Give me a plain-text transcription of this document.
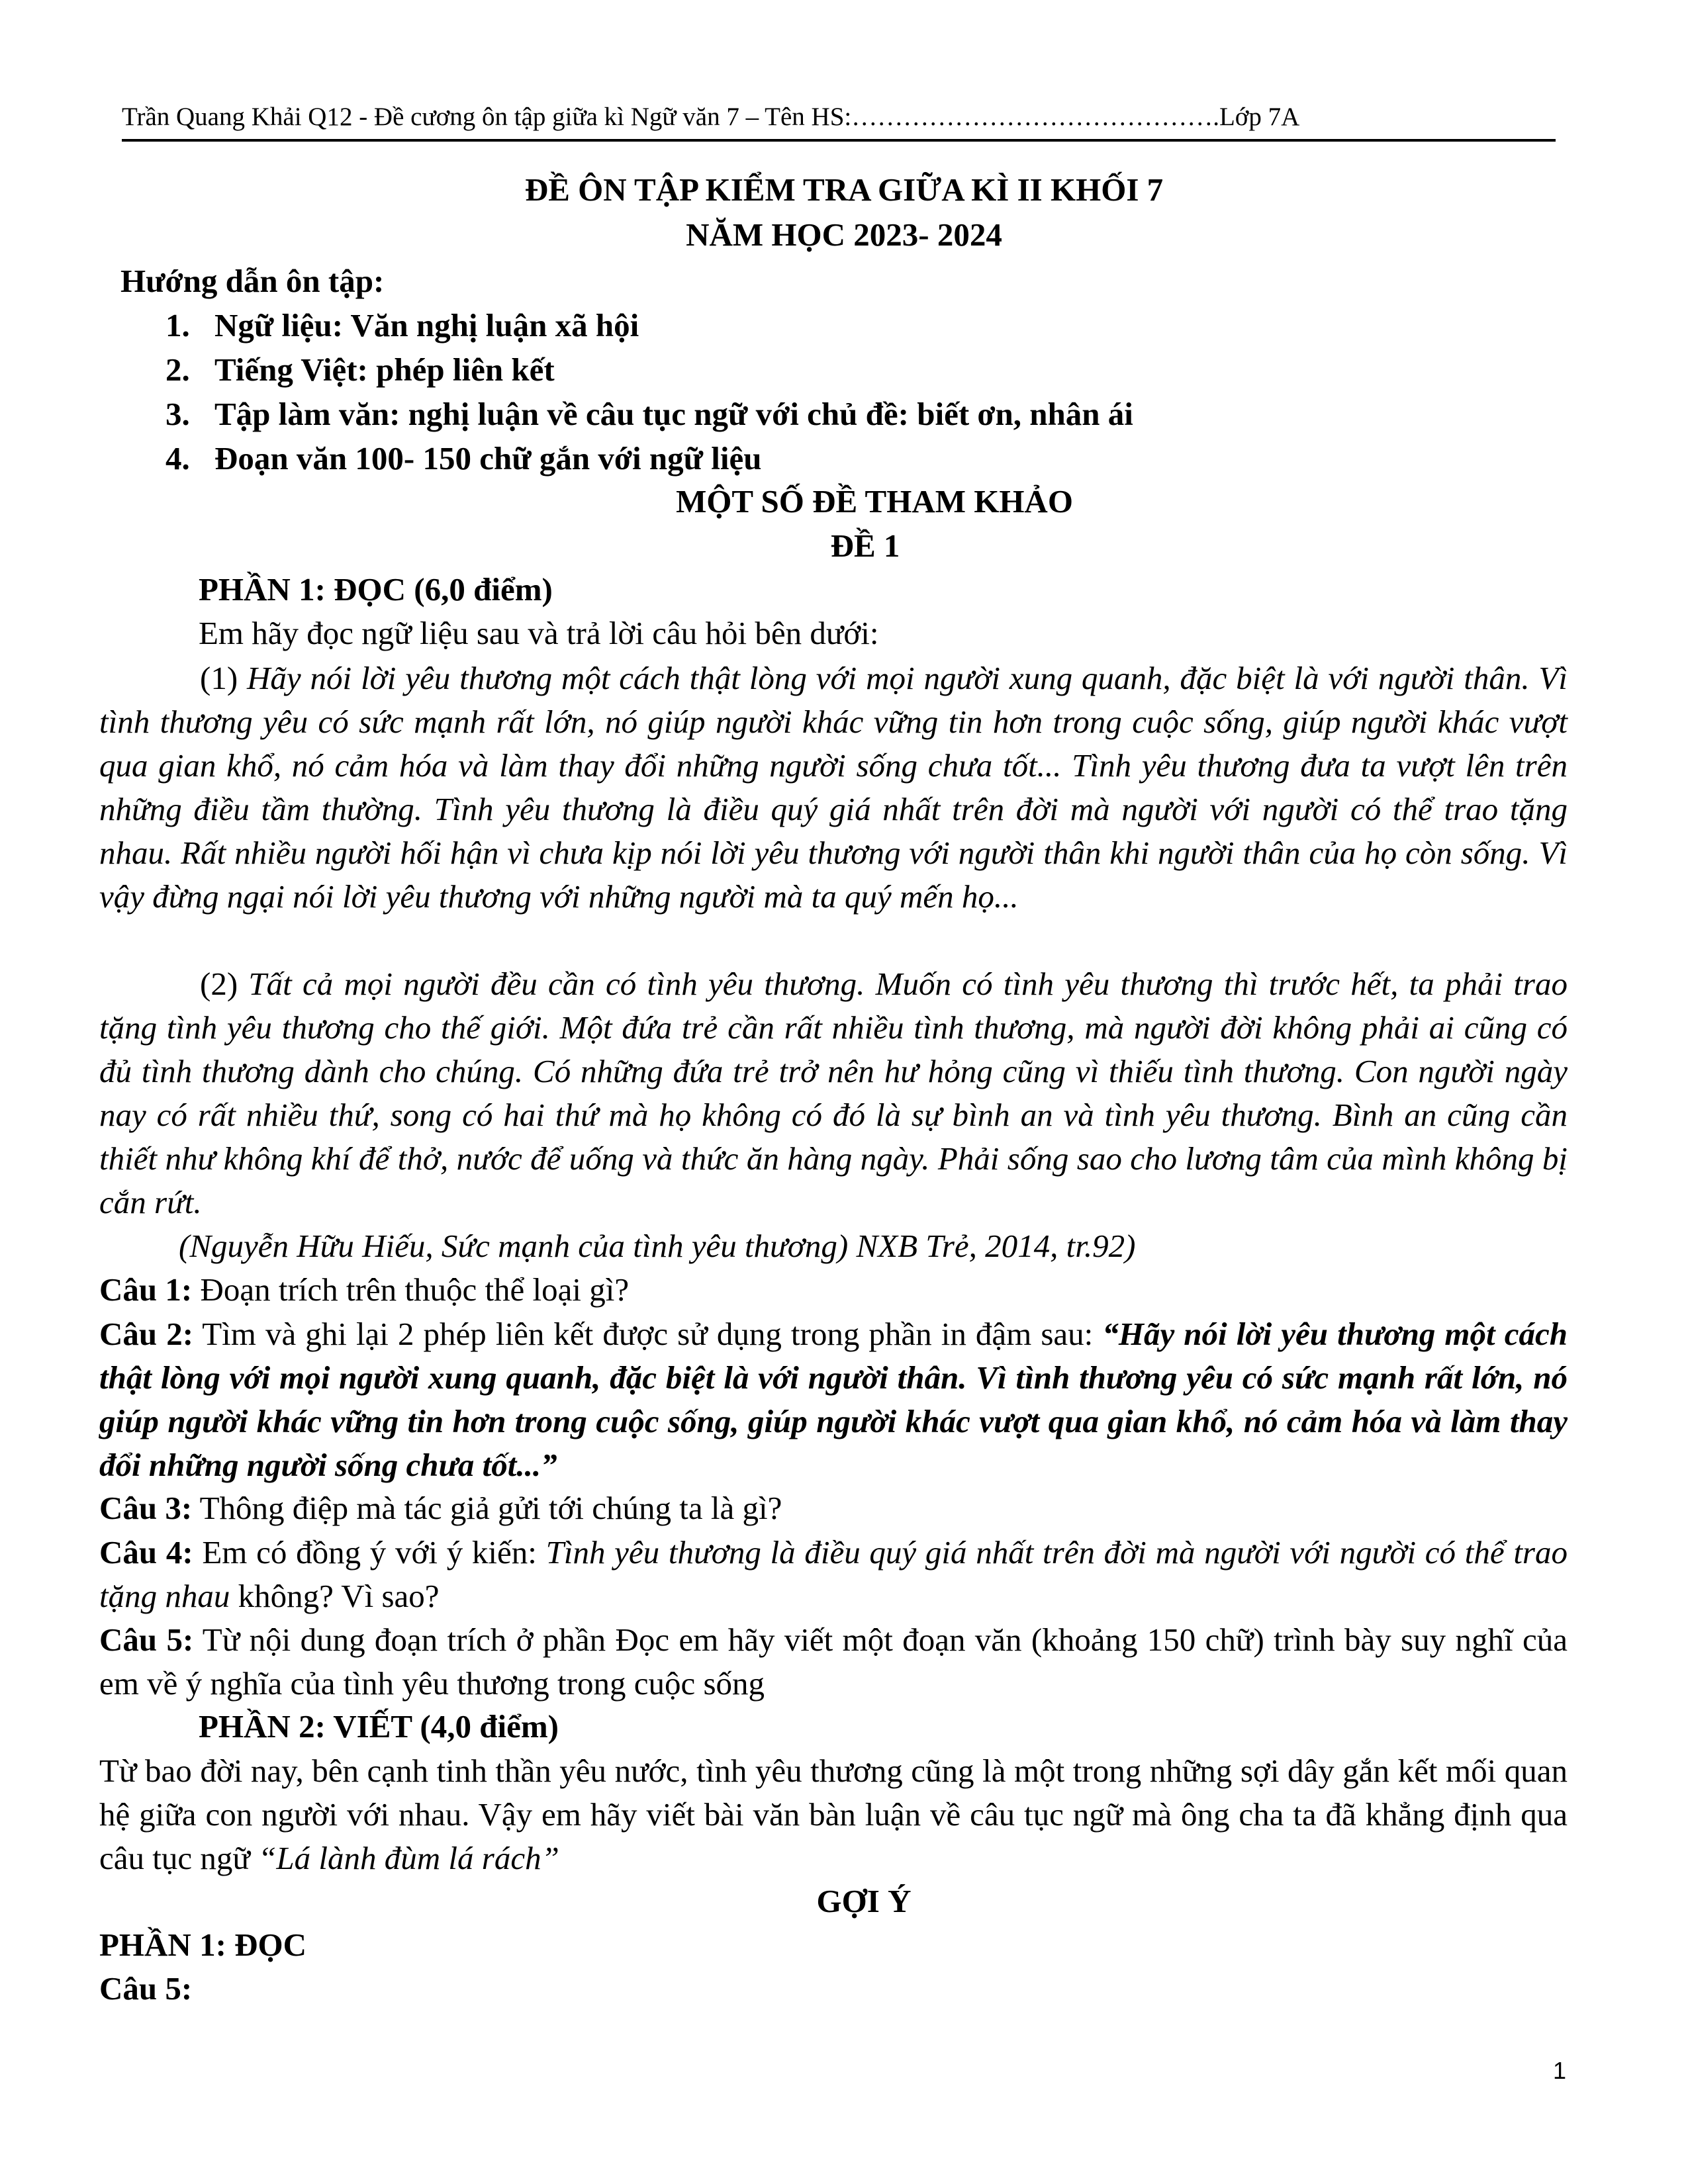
Trần Quang Khải Q12 - Đề cương ôn tập giữa kì Ngữ văn 7 – Tên HS:…………………………………….Lớp 7A
ĐỀ ÔN TẬP KIỂM TRA GIỮA KÌ II KHỐI 7
NĂM HỌC 2023- 2024
Hướng dẫn ôn tập:
1. Ngữ liệu: Văn nghị luận xã hội
2. Tiếng Việt: phép liên kết
3. Tập làm văn: nghị luận về câu tục ngữ với chủ đề: biết ơn, nhân ái
4. Đoạn văn 100- 150 chữ gắn với ngữ liệu
MỘT SỐ ĐỀ THAM KHẢO
ĐỀ 1
PHẦN 1: ĐỌC (6,0 điểm)
Em hãy đọc ngữ liệu sau và trả lời câu hỏi bên dưới:
(1) Hãy nói lời yêu thương một cách thật lòng với mọi người xung quanh, đặc biệt là với người thân. Vì tình thương yêu có sức mạnh rất lớn, nó giúp người khác vững tin hơn trong cuộc sống, giúp người khác vượt qua gian khổ, nó cảm hóa và làm thay đổi những người sống chưa tốt... Tình yêu thương đưa ta vượt lên trên những điều tầm thường. Tình yêu thương là điều quý giá nhất trên đời mà người với người có thể trao tặng nhau. Rất nhiều người hối hận vì chưa kịp nói lời yêu thương với người thân khi người thân của họ còn sống. Vì vậy đừng ngại nói lời yêu thương với những người mà ta quý mến họ...
(2) Tất cả mọi người đều cần có tình yêu thương. Muốn có tình yêu thương thì trước hết, ta phải trao tặng tình yêu thương cho thế giới. Một đứa trẻ cần rất nhiều tình thương, mà người đời không phải ai cũng có đủ tình thương dành cho chúng. Có những đứa trẻ trở nên hư hỏng cũng vì thiếu tình thương. Con người ngày nay có rất nhiều thứ, song có hai thứ mà họ không có đó là sự bình an và tình yêu thương. Bình an cũng cần thiết như không khí để thở, nước để uống và thức ăn hàng ngày. Phải sống sao cho lương tâm của mình không bị cắn rứt.
(Nguyễn Hữu Hiếu, Sức mạnh của tình yêu thương) NXB Trẻ, 2014, tr.92)
Câu 1: Đoạn trích trên thuộc thể loại gì?
Câu 2: Tìm và ghi lại 2 phép liên kết được sử dụng trong phần in đậm sau: “Hãy nói lời yêu thương một cách thật lòng với mọi người xung quanh, đặc biệt là với người thân. Vì tình thương yêu có sức mạnh rất lớn, nó giúp người khác vững tin hơn trong cuộc sống, giúp người khác vượt qua gian khổ, nó cảm hóa và làm thay đổi những người sống chưa tốt...”
Câu 3: Thông điệp mà tác giả gửi tới chúng ta là gì?
Câu 4: Em có đồng ý với ý kiến: Tình yêu thương là điều quý giá nhất trên đời mà người với người có thể trao tặng nhau không? Vì sao?
Câu 5: Từ nội dung đoạn trích ở phần Đọc em hãy viết một đoạn văn (khoảng 150 chữ) trình bày suy nghĩ của em về ý nghĩa của tình yêu thương trong cuộc sống
PHẦN 2: VIẾT (4,0 điểm)
Từ bao đời nay, bên cạnh tinh thần yêu nước, tình yêu thương cũng là một trong những sợi dây gắn kết mối quan hệ giữa con người với nhau. Vậy em hãy viết bài văn bàn luận về câu tục ngữ mà ông cha ta đã khẳng định qua câu tục ngữ “Lá lành đùm lá rách”
GỢI Ý
PHẦN 1: ĐỌC
Câu 5:
1
